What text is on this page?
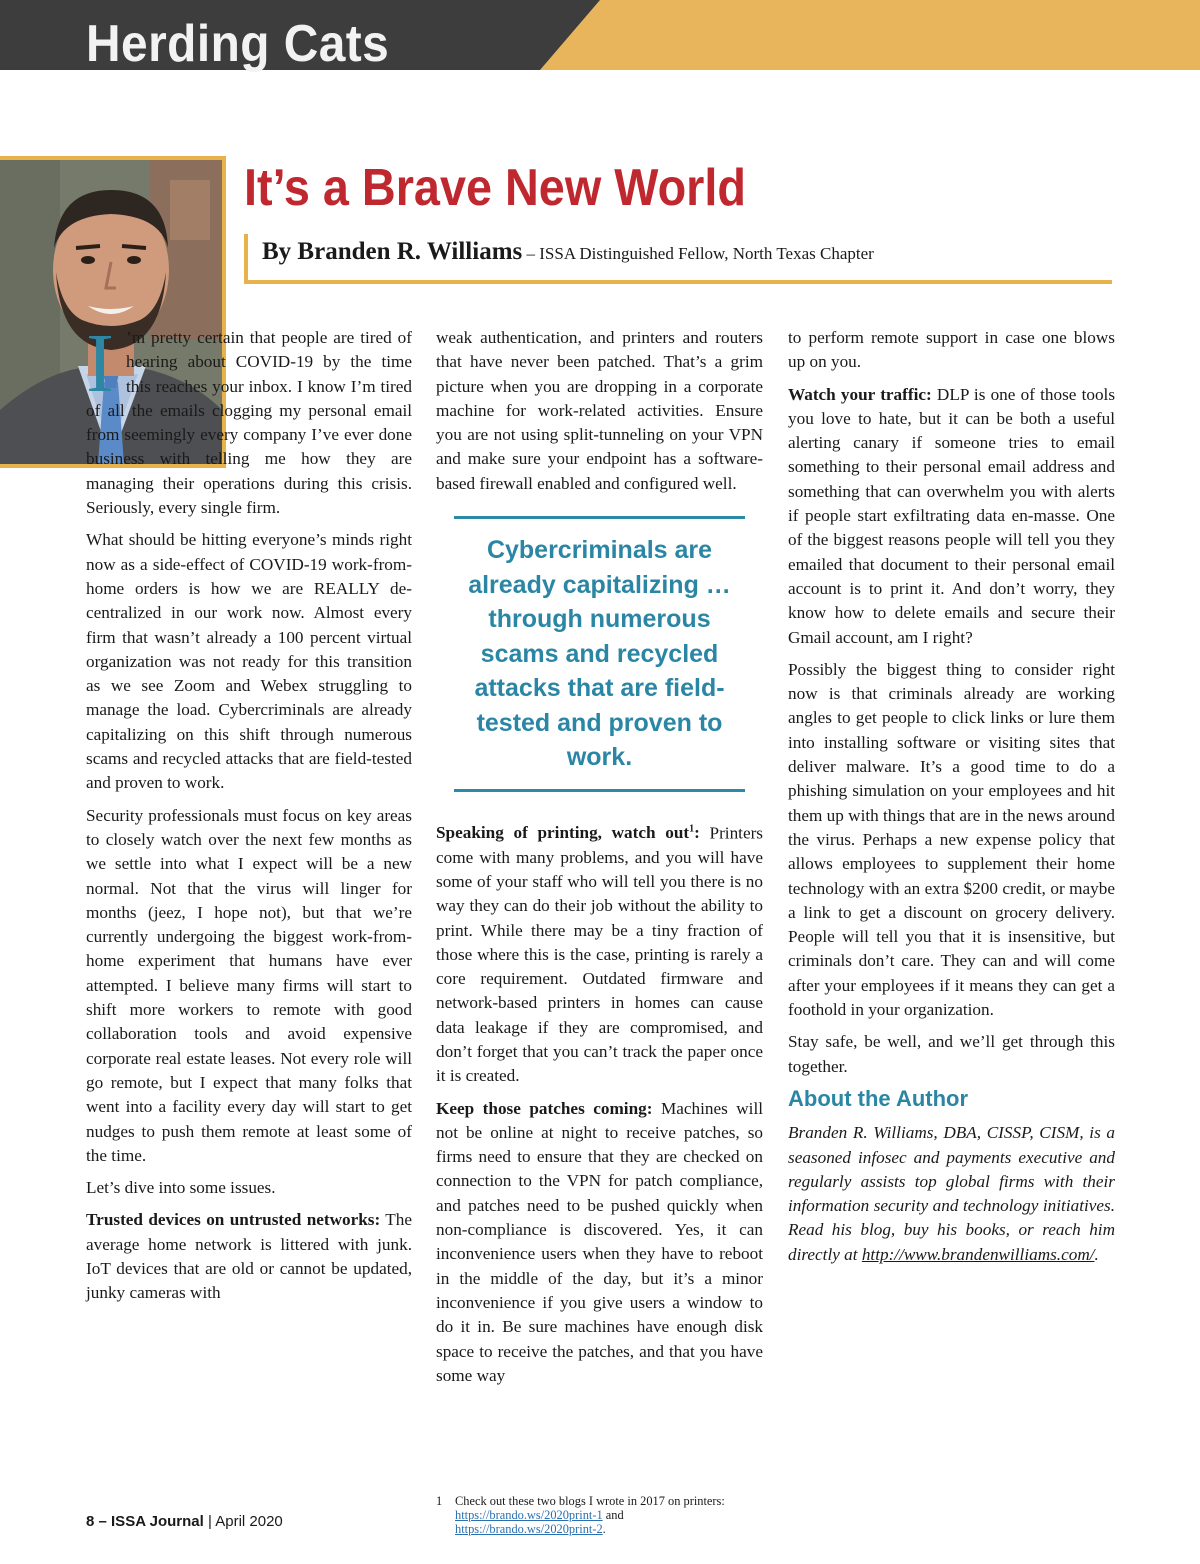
Herding Cats
It’s a Brave New World
By Branden R. Williams – ISSA Distinguished Fellow, North Texas Chapter

I ’m pretty certain that people are tired of hearing about COVID-19 by the time this reaches your inbox. I know I’m tired of all the emails clogging my personal email from seemingly every company I’ve ever done business with telling me how they are managing their operations during this crisis. Seriously, every single firm.

What should be hitting everyone’s minds right now as a side-effect of COVID-19 work-from-home orders is how we are REALLY de-centralized in our work now. Almost every firm that wasn’t already a 100 percent virtual organization was not ready for this transition as we see Zoom and Webex struggling to manage the load. Cybercriminals are already capitalizing on this shift through numerous scams and recycled attacks that are field-tested and proven to work.

Security professionals must focus on key areas to closely watch over the next few months as we settle into what I expect will be a new normal. Not that the virus will linger for months (jeez, I hope not), but that we’re currently undergoing the biggest work-from-home experiment that humans have ever attempted. I believe many firms will start to shift more workers to remote with good collaboration tools and avoid expensive corporate real estate leases. Not every role will go remote, but I expect that many folks that went into a facility every day will start to get nudges to push them remote at least some of the time.

Let’s dive into some issues.

Trusted devices on untrusted networks: The average home network is littered with junk. IoT devices that are old or cannot be updated, junky cameras with

weak authentication, and printers and routers that have never been patched. That’s a grim picture when you are dropping in a corporate machine for work-related activities. Ensure you are not using split-tunneling on your VPN and make sure your endpoint has a software-based firewall enabled and configured well.

Cybercriminals are already capitalizing … through numerous scams and recycled attacks that are field-tested and proven to work.

Speaking of printing, watch out$^1$: Printers come with many problems, and you will have some of your staff who will tell you there is no way they can do their job without the ability to print. While there may be a tiny fraction of those where this is the case, printing is rarely a core requirement. Outdated firmware and network-based printers in homes can cause data leakage if they are compromised, and don’t forget that you can’t track the paper once it is created.

Keep those patches coming: Machines will not be online at night to receive patches, so firms need to ensure that they are checked on connection to the VPN for patch compliance, and patches need to be pushed quickly when non-compliance is discovered. Yes, it can inconvenience users when they have to reboot in the middle of the day, but it’s a minor inconvenience if you give users a window to do it in. Be sure machines have enough disk space to receive the patches, and that you have some way

to perform remote support in case one blows up on you.

Watch your traffic: DLP is one of those tools you love to hate, but it can be both a useful alerting canary if someone tries to email something to their personal email address and something that can overwhelm you with alerts if people start exfiltrating data en-masse. One of the biggest reasons people will tell you they emailed that document to their personal email account is to print it. And don’t worry, they know how to delete emails and secure their Gmail account, am I right?

Possibly the biggest thing to consider right now is that criminals already are working angles to get people to click links or lure them into installing software or visiting sites that deliver malware. It’s a good time to do a phishing simulation on your employees and hit them up with things that are in the news around the virus. Perhaps a new expense policy that allows employees to supplement their home technology with an extra $200 credit, or maybe a link to get a discount on grocery delivery. People will tell you that it is insensitive, but criminals don’t care. They can and will come after your employees if it means they can get a foothold in your organization.

Stay safe, be well, and we’ll get through this together.

About the Author

Branden R. Williams, DBA, CISSP, CISM, is a seasoned infosec and payments executive and regularly assists top global firms with their information security and technology initiatives. Read his blog, buy his books, or reach him directly at http://www.brandenwilliams.com/.

1	Check out these two blogs I wrote in 2017 on printers: https://brando.ws/2020print-1 and https://brando.ws/2020print-2.
8 – ISSA Journal | April 2020
